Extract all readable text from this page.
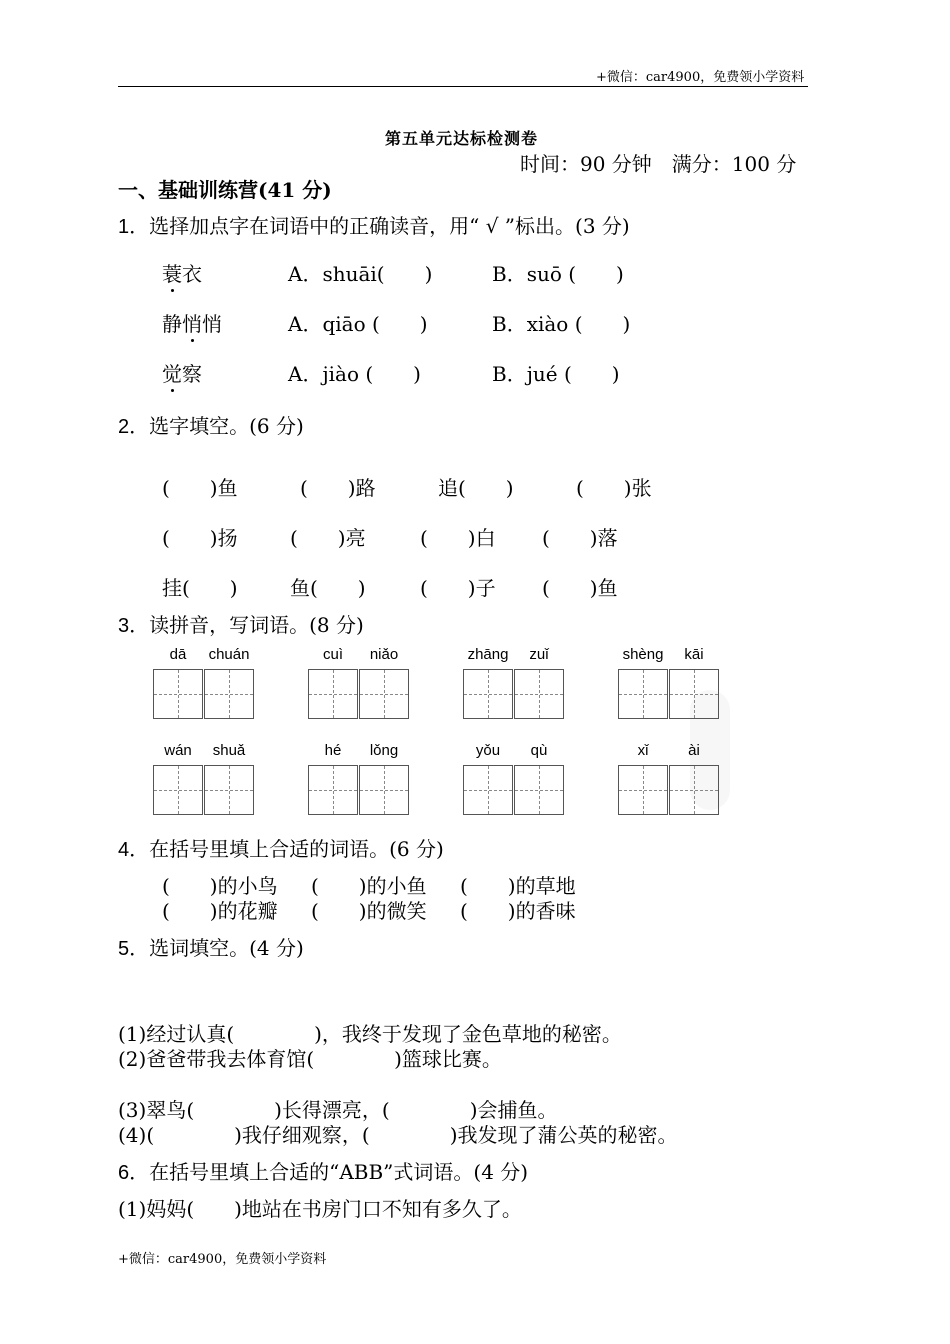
+微信：car4900，免费领小学资料
第五单元达标检测卷
时间：90 分钟　满分：100 分
一、基础训练营(41 分)
1．选择加点字在词语中的正确读音，用“ √ ”标出。(3 分)
蓑衣	A．shuāi(　　)	B．suō (　　)
静悄悄	A．qiāo (　　)	B．xiào (　　)
觉察	A．jiào (　　)	B．jué (　　)
2．选字填空。(6 分)
(　　)鱼	(　　)路	追(　　)	(　　)张
(　　)扬	(　　)亮	(　　)白 (　　)落
挂(　　)	鱼(　　)	(　　)子 (　　)鱼
3．读拼音，写词语。(8 分)
dā	chuán	cuì	niǎo	zhāng	zuǐ	shèng	kāi
wán	shuǎ	hé	lǒng	yǒu	qù	xǐ	ài
4．在括号里填上合适的词语。(6 分)
(　　)的小鸟 (　　)的小鱼 (　　)的草地
(　　)的花瓣 (　　)的微笑 (　　)的香味
5．选词填空。(4 分)
(1)经过认真(　　　　)，我终于发现了金色草地的秘密。
(2)爸爸带我去体育馆(　　　　)篮球比赛。
(3)翠鸟(　　　　)长得漂亮，(　　　　)会捕鱼。
(4)(　　　　)我仔细观察，(　　　　)我发现了蒲公英的秘密。
6．在括号里填上合适的“ABB”式词语。(4 分)
(1)妈妈(　　)地站在书房门口不知有多久了。
+微信：car4900，免费领小学资料
